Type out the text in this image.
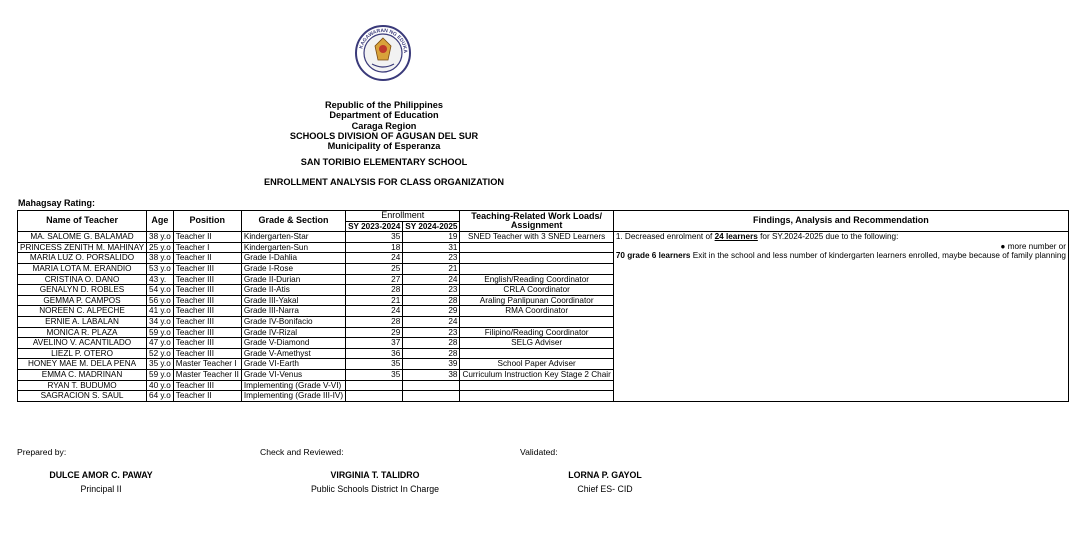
KAGAWARAN NG EDUKA
Republic of the Philippines
Department of Education
Caraga Region
SCHOOLS DIVISION OF AGUSAN DEL SUR
Municipality of Esperanza
SAN TORIBIO ELEMENTARY SCHOOL
ENROLLMENT ANALYSIS FOR CLASS ORGANIZATION
Mahagsay Rating:
Name of Teacher	Age	Position	Grade & Section	Enrollment		Teaching-Related Work Loads/ Assignment	Findings, Analysis and Recommendation
				SY 2023-2024	SY 2024-2025		
MA. SALOME G. BALAMAD	38 y.o	Teacher II	Kindergarten-Star	35	19	SNED Teacher with 3 SNED Learners	1. Decreased enrolment of 24 learners for SY.2024-2025 due to the following:

● more number or
70 grade 6 learners Exit in the school and less number of kindergarten learners enrolled, maybe because of family planning
PRINCESS ZENITH M. MAHINAY	25 y.o	Teacher I	Kindergarten-Sun	18	31		
MARIA LUZ O. PORSALIDO	38 y.o	Teacher II	Grade I-Dahlia	24	23		
MARIA LOTA M. ERANDIO	53 y.o	Teacher III	Grade I-Rose	25	21		
CRISTINA O. DANO	43 y.	Teacher III	Grade II-Durian	27	24	English/Reading Coordinator	
GENALYN D. ROBLES	54 y.o	Teacher III	Grade II-Atis	28	23	CRLA Coordinator	
GEMMA P. CAMPOS	56 y.o	Teacher III	Grade III-Yakal	21	28	Araling Panlipunan Coordinator	
NOREEN C. ALPECHE	41 y.o	Teacher III	Grade III-Narra	24	29	RMA Coordinator	
ERNIE A. LABALAN	34 y.o	Teacher III	Grade IV-Bonifacio	28	24		
MONICA R. PLAZA	59 y.o	Teacher III	Grade IV-Rizal	29	23	Filipino/Reading Coordinator	
AVELINO V. ACANTILADO	47 y.o	Teacher III	Grade V-Diamond	37	28	SELG Adviser	
LIEZL P. OTERO	52 y.o	Teacher III	Grade V-Amethyst	36	28		
HONEY MAE M. DELA PENA	35 y.o	Master Teacher I	Grade VI-Earth	35	39	School Paper Adviser	
EMMA C. MADRINAN	59 y.o	Master Teacher II	Grade VI-Venus	35	38	Curriculum Instruction Key Stage 2 Chair	
RYAN T. BUDUMO	40 y.o	Teacher III	Implementing (Grade V-VI)				
SAGRACION S. SAUL	64 y.o	Teacher II	Implementing (Grade III-IV)				
Prepared by:	Check and Reviewed:	Validated:
DULCE AMOR C. PAWAY
Principal II
VIRGINIA T. TALIDRO
Public Schools District In Charge
LORNA P. GAYOL
Chief ES- CID
